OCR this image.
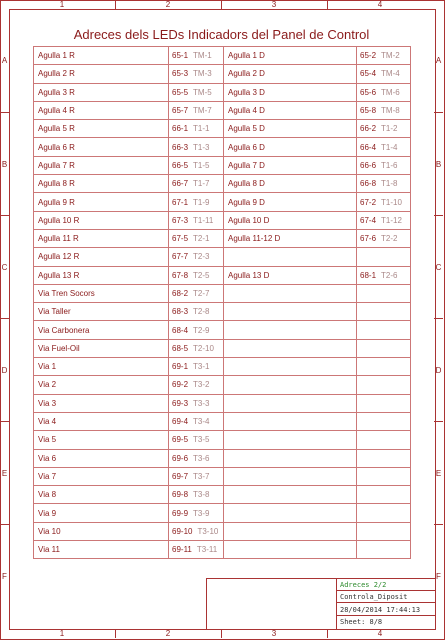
1	2	3	4
1	2	3	4
A
B
C
D
E
F
A
B
C
D
E
F
Adreces dels LEDs Indicadors del Panel de Control
Agulla 1 R	65-1 TM-1	Agulla 1 D	65-2 TM-2
Agulla 2 R	65-3 TM-3	Agulla 2 D	65-4 TM-4
Agulla 3 R	65-5 TM-5	Agulla 3 D	65-6 TM-6
Agulla 4 R	65-7 TM-7	Agulla 4 D	65-8 TM-8
Agulla 5 R	66-1 T1-1	Agulla 5 D	66-2 T1-2
Agulla 6 R	66-3 T1-3	Agulla 6 D	66-4 T1-4
Agulla 7 R	66-5 T1-5	Agulla 7 D	66-6 T1-6
Agulla 8 R	66-7 T1-7	Agulla 8 D	66-8 T1-8
Agulla 9 R	67-1 T1-9	Agulla 9 D	67-2 T1-10
Agulla 10 R	67-3 T1-11	Agulla 10 D	67-4 T1-12
Agulla 11 R	67-5 T2-1	Agulla 11-12 D	67-6 T2-2
Agulla 12 R	67-7 T2-3		
Agulla 13 R	67-8 T2-5	Agulla 13 D	68-1 T2-6
Via Tren Socors	68-2 T2-7		
Via Taller	68-3 T2-8		
Via Carbonera	68-4 T2-9		
Via Fuel-Oil	68-5 T2-10		
Via 1	69-1 T3-1		
Via 2	69-2 T3-2		
Via 3	69-3 T3-3		
Via 4	69-4 T3-4		
Via 5	69-5 T3-5		
Via 6	69-6 T3-6		
Via 7	69-7 T3-7		
Via 8	69-8 T3-8		
Via 9	69-9 T3-9		
Via 10	69-10 T3-10		
Via 11	69-11 T3-11		
Adreces 2/2
Controla_Diposit
28/04/2014 17:44:13
Sheet: 8/8
